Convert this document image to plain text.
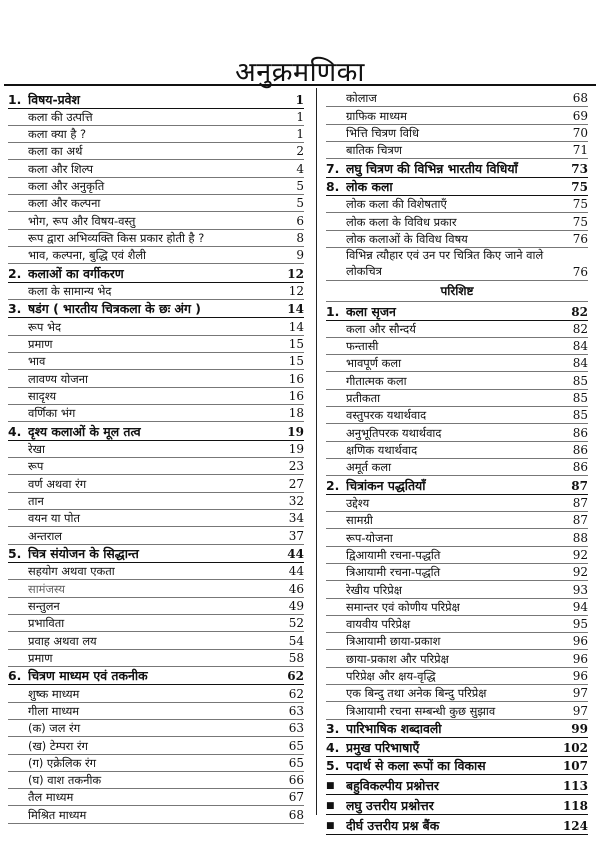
अनुक्रमणिका
1. विषय-प्रवेश	1
कला की उत्पत्ति	1
कला क्या है ?	1
कला का अर्थ	2
कला और शिल्प	4
कला और अनुकृति	5
कला और कल्पना	5
भोग, रूप और विषय-वस्तु	6
रूप द्वारा अभिव्यक्ति किस प्रकार होती है ?	8
भाव, कल्पना, बुद्धि एवं शैली	9
2. कलाओं का वर्गीकरण	12
कला के सामान्य भेद	12
3. षडंग ( भारतीय चित्रकला के छः अंग )	14
रूप भेद	14
प्रमाण	15
भाव	15
लावण्य योजना	16
सादृश्य	16
वर्णिका भंग	18
4. दृश्य कलाओं के मूल तत्व	19
रेखा	19
रूप	23
वर्ण अथवा रंग	27
तान	32
वयन या पोत	34
अन्तराल	37
5. चित्र संयोजन के सिद्धान्त	44
सहयोग अथवा एकता	44
सामंजस्य	46
सन्तुलन	49
प्रभाविता	52
प्रवाह अथवा लय	54
प्रमाण	58
6. चित्रण माध्यम एवं तकनीक	62
शुष्क माध्यम	62
गीला माध्यम	63
(क) जल रंग	63
(ख) टेम्परा रंग	65
(ग) एक्रेलिक रंग	65
(घ) वाश तकनीक	66
तैल माध्यम	67
मिश्रित माध्यम	68
कोलाज	68
ग्राफिक माध्यम	69
भित्ति चित्रण विधि	70
बातिक चित्रण	71
7. लघु चित्रण की विभिन्न भारतीय विधियाँ	73
8. लोक कला	75
लोक कला की विशेषताएँ	75
लोक कला के विविध प्रकार	75
लोक कलाओं के विविध विषय	76
विभिन्न त्यौहार एवं उन पर चित्रित किए जाने वाले लोकचित्र	76
परिशिष्ट
1. कला सृजन	82
कला और सौन्दर्य	82
फन्तासी	84
भावपूर्ण कला	84
गीतात्मक कला	85
प्रतीकता	85
वस्तुपरक यथार्थवाद	85
अनुभूतिपरक यथार्थवाद	86
क्षणिक यथार्थवाद	86
अमूर्त कला	86
2. चित्रांकन पद्धतियाँ	87
उद्देश्य	87
सामग्री	87
रूप-योजना	88
द्विआयामी रचना-पद्धति	92
त्रिआयामी रचना-पद्धति	92
रेखीय परिप्रेक्ष	93
समान्तर एवं कोणीय परिप्रेक्ष	94
वायवीय परिप्रेक्ष	95
त्रिआयामी छाया-प्रकाश	96
छाया-प्रकाश और परिप्रेक्ष	96
परिप्रेक्ष और क्षय-वृद्धि	96
एक बिन्दु तथा अनेक बिन्दु परिप्रेक्ष	97
त्रिआयामी रचना सम्बन्धी कुछ सुझाव	97
3. पारिभाषिक शब्दावली	99
4. प्रमुख परिभाषाएँ	102
5. पदार्थ से कला रूपों का विकास	107
■ बहुविकल्पीय प्रश्नोत्तर	113
■ लघु उत्तरीय प्रश्नोत्तर	118
■ दीर्घ उत्तरीय प्रश्न बैंक	124
